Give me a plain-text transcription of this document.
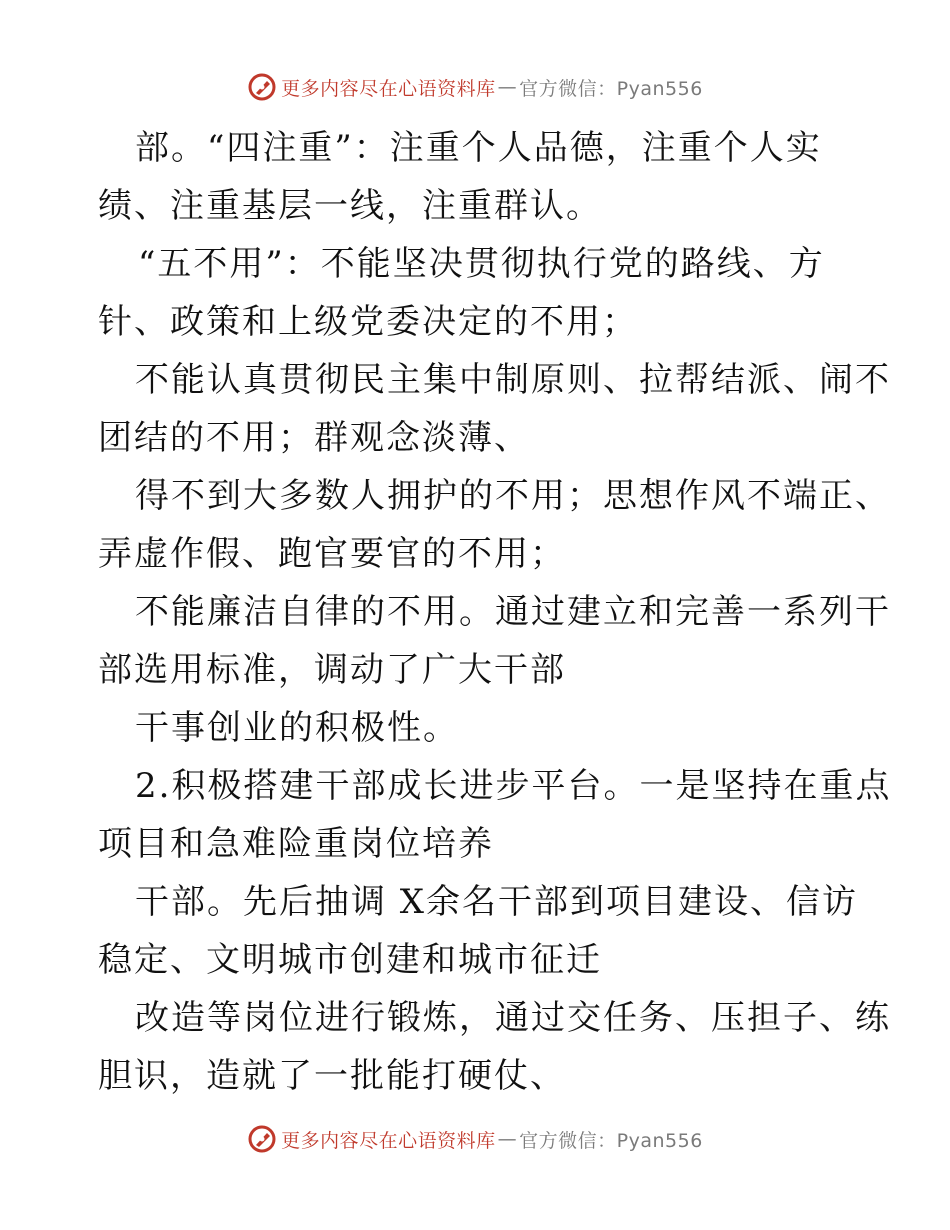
更多内容尽在心语资料库 — 官方微信：Pyan556
部。“四注重”：注重个人品德，注重个人实
绩、注重基层一线，注重群认。
“五不用”：不能坚决贯彻执行党的路线、方
针、政策和上级党委决定的不用；
不能认真贯彻民主集中制原则、拉帮结派、闹不
团结的不用；群观念淡薄、
得不到大多数人拥护的不用；思想作风不端正、
弄虚作假、跑官要官的不用；
不能廉洁自律的不用。通过建立和完善一系列干
部选用标准，调动了广大干部
干事创业的积极性。
2.积极搭建干部成长进步平台。一是坚持在重点
项目和急难险重岗位培养
干部。先后抽调 X余名干部到项目建设、信访
稳定、文明城市创建和城市征迁
改造等岗位进行锻炼，通过交任务、压担子、练
胆识，造就了一批能打硬仗、
更多内容尽在心语资料库 — 官方微信：Pyan556
